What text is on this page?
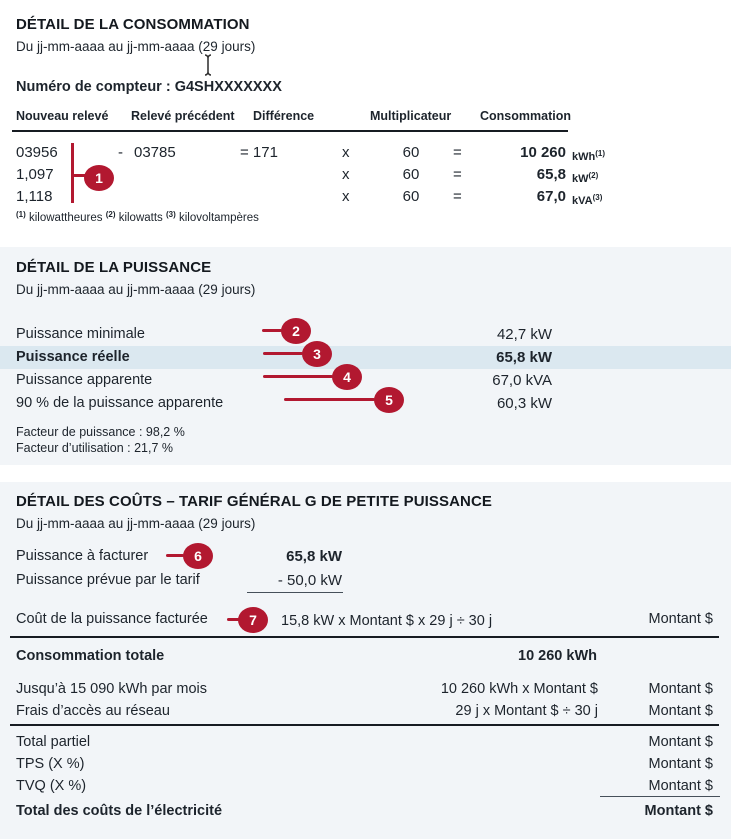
DÉTAIL DE LA CONSOMMATION
Du jj-mm-aaaa au jj-mm-aaaa (29 jours)
Numéro de compteur : G4SHXXXXXXX
Nouveau relevé Relevé précédent Différence	Multiplicateur Consommation
03956	- 03785	= 171	x	60	=	10 260 kWh$^{(1)}$
1,097	x	60	=	65,8 $kW^{(2)}$
1,118	x	60	=	67,0 kVA$^{(3)}$
1
$^{(1)}$ kilowattheures $^{(2)}$ kilowatts $^{(3)}$ kilovoltampères
DÉTAIL DE LA PUISSANCE
Du jj-mm-aaaa au jj-mm-aaaa (29 jours)
Puissance minimale	42,7 kW
Puissance réelle	65,8 kW
Puissance apparente	67,0 kVA
90 % de la puissance apparente	60,3 kW
2
3
4
5
Facteur de puissance : 98,2 %
Facteur d’utilisation : 21,7 %
DÉTAIL DES COÛTS – TARIF GÉNÉRAL G DE PETITE PUISSANCE
Du jj-mm-aaaa au jj-mm-aaaa (29 jours)
Puissance à facturer	6	65,8 kW
Puissance prévue par le tarif	- 50,0 kW
Coût de la puissance facturée	7	15,8 kW x Montant $ x 29 j ÷ 30 j	Montant $
Consommation totale	10 260 kWh
Jusqu’à 15 090 kWh par mois	10 260 kWh x Montant $	Montant $
Frais d’accès au réseau	29 j x Montant $ ÷ 30 j	Montant $
Total partiel	Montant $
TPS (X %)	Montant $
TVQ (X %)	Montant $
Total des coûts de l’électricité	Montant $
